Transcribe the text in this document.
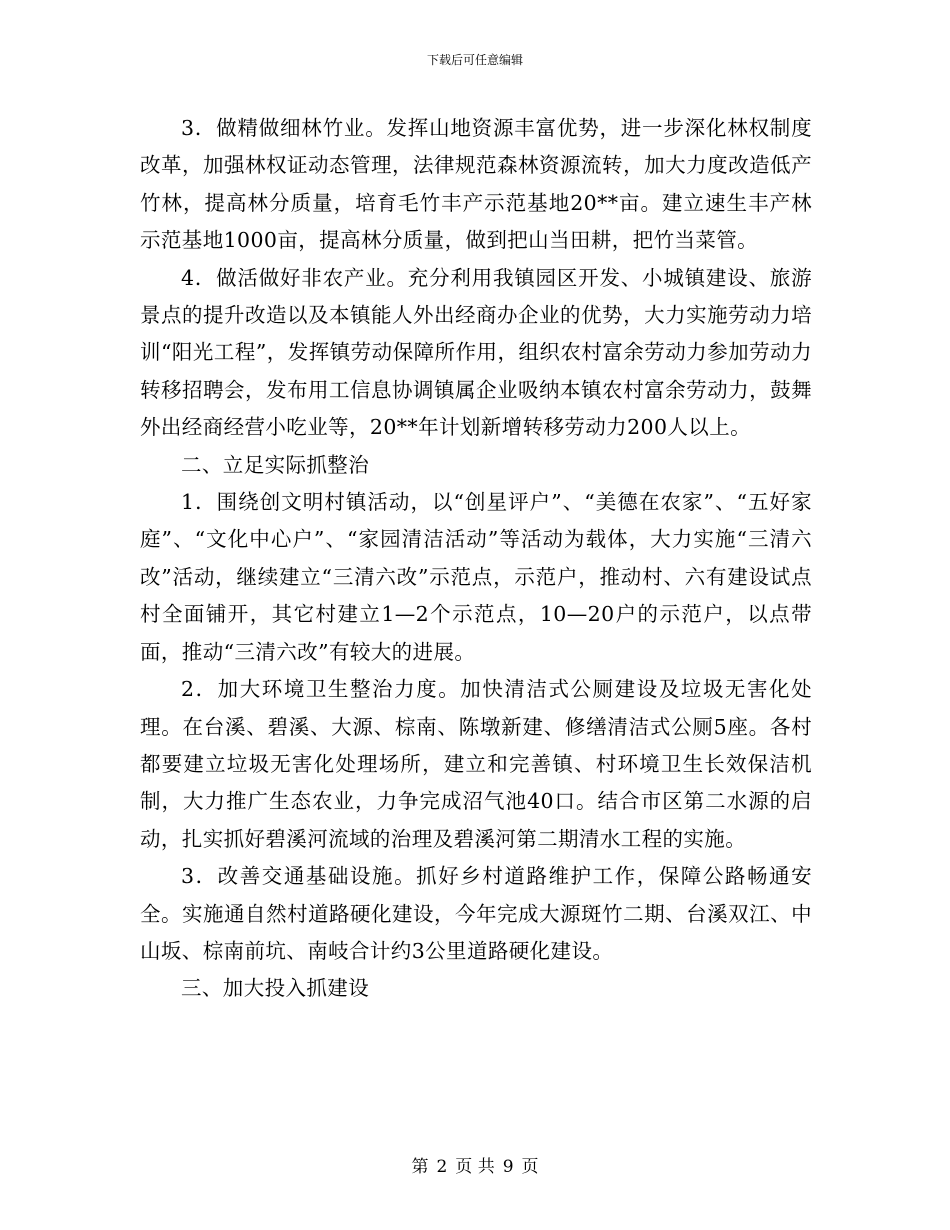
下载后可任意编辑

3．做精做细林竹业。发挥山地资源丰富优势，进一步深化林权制度改革，加强林权证动态管理，法律规范森林资源流转，加大力度改造低产竹林，提高林分质量，培育毛竹丰产示范基地20**亩。建立速生丰产林示范基地1000亩，提高林分质量，做到把山当田耕，把竹当菜管。

4．做活做好非农产业。充分利用我镇园区开发、小城镇建设、旅游景点的提升改造以及本镇能人外出经商办企业的优势，大力实施劳动力培训“阳光工程”，发挥镇劳动保障所作用，组织农村富余劳动力参加劳动力转移招聘会，发布用工信息协调镇属企业吸纳本镇农村富余劳动力，鼓舞外出经商经营小吃业等，20**年计划新增转移劳动力200人以上。

二、立足实际抓整治

1．围绕创文明村镇活动，以“创星评户”、“美德在农家”、“五好家庭”、“文化中心户”、“家园清洁活动”等活动为载体，大力实施“三清六改”活动，继续建立“三清六改”示范点，示范户，推动村、六有建设试点村全面铺开，其它村建立1—2个示范点，10—20户的示范户，以点带面，推动“三清六改”有较大的进展。

2．加大环境卫生整治力度。加快清洁式公厕建设及垃圾无害化处理。在台溪、碧溪、大源、棕南、陈墩新建、修缮清洁式公厕5座。各村都要建立垃圾无害化处理场所，建立和完善镇、村环境卫生长效保洁机制，大力推广生态农业，力争完成沼气池40口。结合市区第二水源的启动，扎实抓好碧溪河流域的治理及碧溪河第二期清水工程的实施。

3．改善交通基础设施。抓好乡村道路维护工作，保障公路畅通安全。实施通自然村道路硬化建设，今年完成大源斑竹二期、台溪双江、中山坂、棕南前坑、南岐合计约3公里道路硬化建设。

三、加大投入抓建设

第 2 页 共 9 页
